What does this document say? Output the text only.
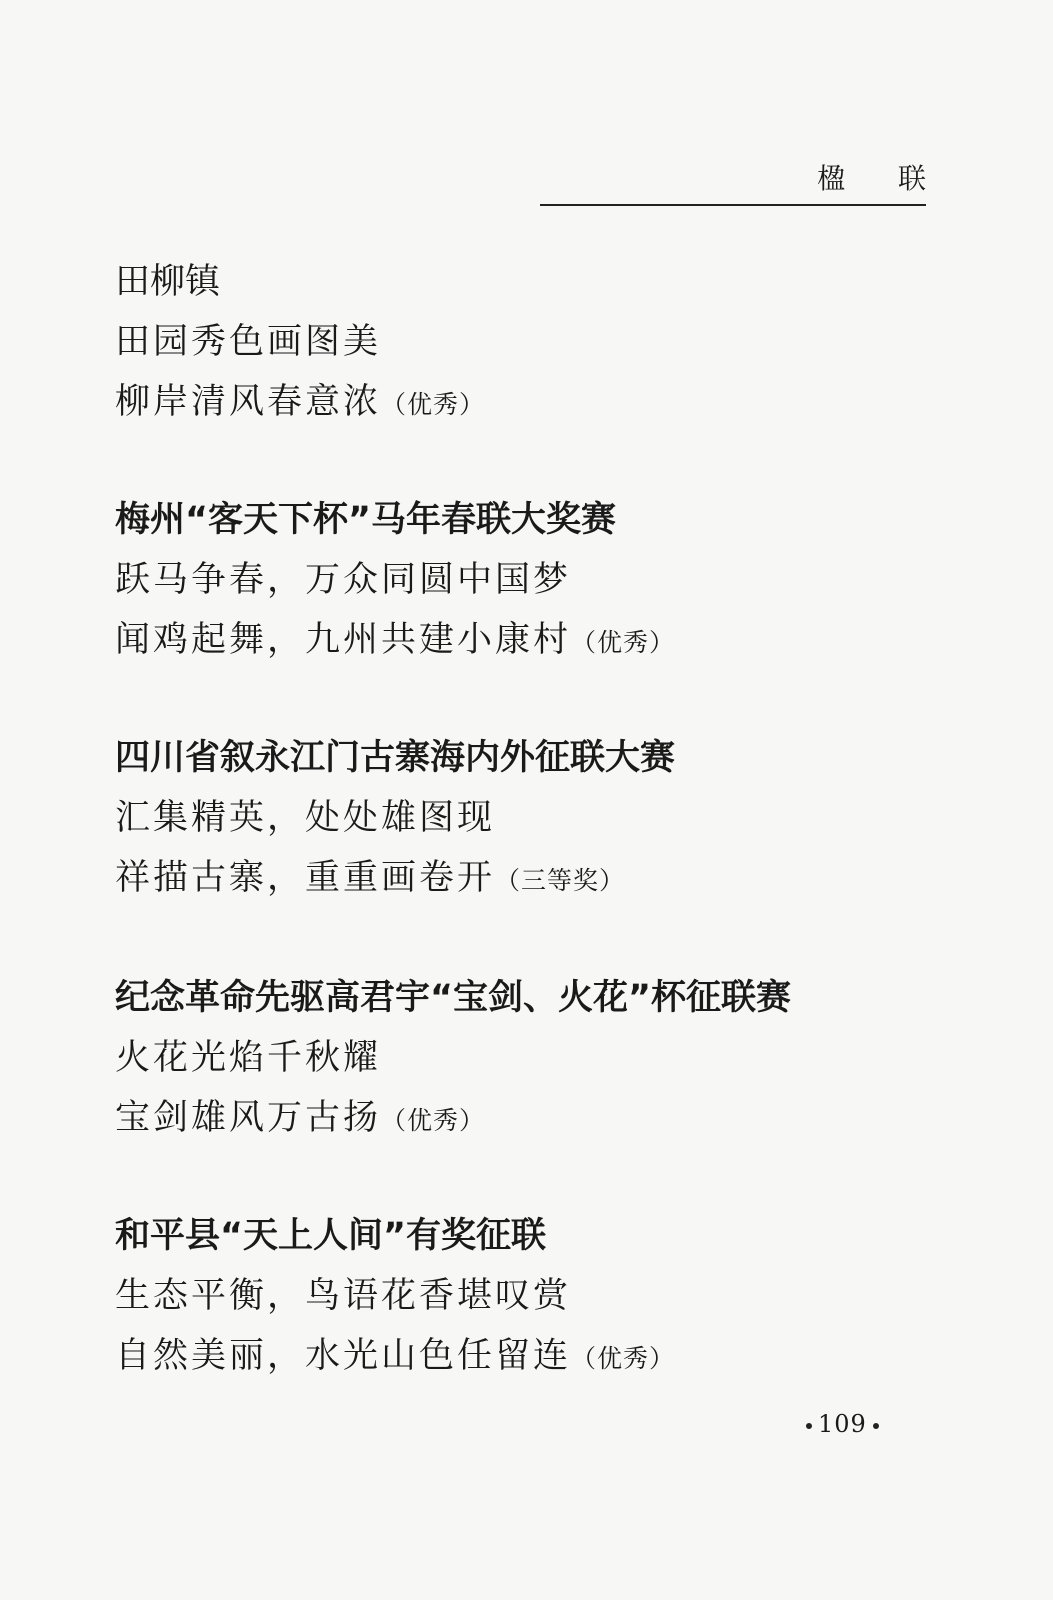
楹 联
田柳镇
田园秀色画图美
柳岸清风春意浓（优秀）
梅州“客天下杯”马年春联大奖赛
跃马争春，万众同圆中国梦
闻鸡起舞，九州共建小康村（优秀）
四川省叙永江门古寨海内外征联大赛
汇集精英，处处雄图现
祥描古寨，重重画卷开（三等奖）
纪念革命先驱高君宇“宝剑、火花”杯征联赛
火花光焰千秋耀
宝剑雄风万古扬（优秀）
和平县“天上人间”有奖征联
生态平衡，鸟语花香堪叹赏
自然美丽，水光山色任留连（优秀）
109
